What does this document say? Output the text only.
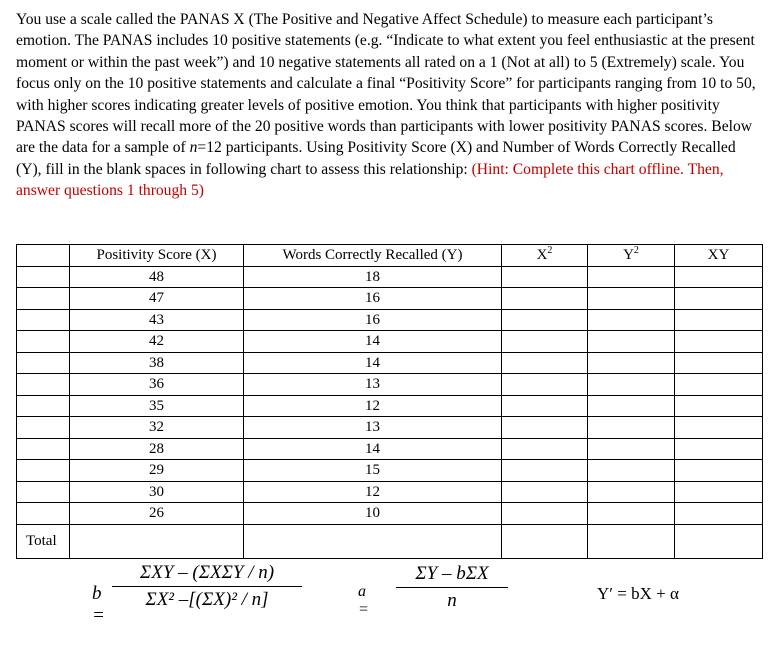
You use a scale called the PANAS X (The Positive and Negative Affect Schedule) to measure each participant’s emotion. The PANAS includes 10 positive statements (e.g. “Indicate to what extent you feel enthusiastic at the present moment or within the past week”) and 10 negative statements all rated on a 1 (Not at all) to 5 (Extremely) scale. You focus only on the 10 positive statements and calculate a final “Positivity Score” for participants ranging from 10 to 50, with higher scores indicating greater levels of positive emotion. You think that participants with higher positivity PANAS scores will recall more of the 20 positive words than participants with lower positivity PANAS scores. Below are the data for a sample of n=12 participants. Using Positivity Score (X) and Number of Words Correctly Recalled (Y), fill in the blank spaces in following chart to assess this relationship: (Hint: Complete this chart offline. Then, answer questions 1 through 5)

	Positivity Score (X)	Words Correctly Recalled (Y)	$X^2$	$Y^2$	XY
	48	18			
	47	16			
	43	16			
	42	14			
	38	14			
	36	13			
	35	12			
	32	13			
	28	14			
	29	15			
	30	12			
	26	10			
Total					
b =
ΣXY – (ΣXΣY / n)
ΣX² –[(ΣX)² / n]	a =
ΣY – bΣX
n	Y′ = bX + α
